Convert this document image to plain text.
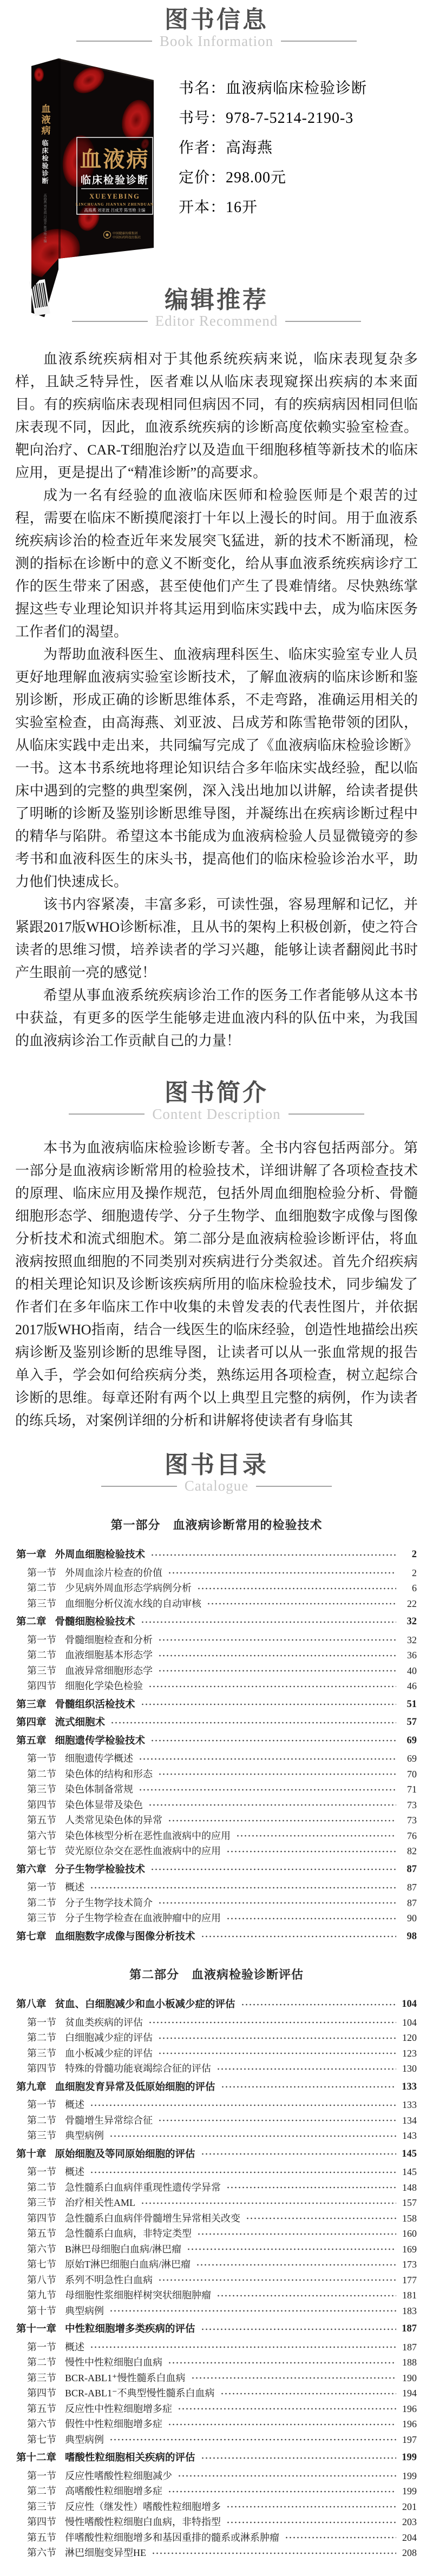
图书信息
Book Information
血液病
临床检验诊断
高海燕 刘亚波 吕成芳 陈雪艳 主编
血液病
临床检验诊断
XUEYEBING
LINCHUANG JIANYAN ZHENDUAN
高海燕 刘亚波 吕成芳 陈雪艳 主编
中国健康传媒集团
中国医药科技出版社
书名：血液病临床检验诊断
书号：978-7-5214-2190-3
作者：高海燕
定价：298.00元
开本：16开
编辑推荐
Editor Recommend

血液系统疾病相对于其他系统疾病来说，临床表现复杂多样，且缺乏特异性，医者难以从临床表现窥探出疾病的本来面目。有的疾病临床表现相同但病因不同，有的疾病病因相同但临床表现不同，因此，血液系统疾病的诊断高度依赖实验室检查。靶向治疗、CAR-T细胞治疗以及造血干细胞移植等新技术的临床应用，更是提出了“精准诊断”的高要求。

成为一名有经验的血液临床医师和检验医师是个艰苦的过程，需要在临床不断摸爬滚打十年以上漫长的时间。用于血液系统疾病诊治的检查近年来发展突飞猛进，新的技术不断涌现，检测的指标在诊断中的意义不断变化，给从事血液系统疾病诊疗工作的医生带来了困惑，甚至使他们产生了畏难情绪。尽快熟练掌握这些专业理论知识并将其运用到临床实践中去，成为临床医务工作者们的渴望。

为帮助血液科医生、血液病理科医生、临床实验室专业人员更好地理解血液病实验室诊断技术，了解血液病的临床诊断和鉴别诊断，形成正确的诊断思维体系，不走弯路，准确运用相关的实验室检查，由高海燕、刘亚波、吕成芳和陈雪艳带领的团队，从临床实践中走出来，共同编写完成了《血液病临床检验诊断》一书。这本书系统地将理论知识结合多年临床实战经验，配以临床中遇到的完整的典型案例，深入浅出地加以讲解，给读者提供了明晰的诊断及鉴别诊断思维导图，并凝练出在疾病诊断过程中的精华与陷阱。希望这本书能成为血液病检验人员显微镜旁的参考书和血液科医生的床头书，提高他们的临床检验诊治水平，助力他们快速成长。

该书内容紧凑，丰富多彩，可读性强，容易理解和记忆，并紧跟2017版WHO诊断标准，且从书的架构上积极创新，使之符合读者的思维习惯，培养读者的学习兴趣，能够让读者翻阅此书时产生眼前一亮的感觉！

希望从事血液系统疾病诊治工作的医务工作者能够从这本书中获益，有更多的医学生能够走进血液内科的队伍中来，为我国的血液病诊治工作贡献自己的力量！

图书简介
Content Description

本书为血液病临床检验诊断专著。全书内容包括两部分。第一部分是血液病诊断常用的检验技术，详细讲解了各项检查技术的原理、临床应用及操作规范，包括外周血细胞检验分析、骨髓细胞形态学、细胞遗传学、分子生物学、血细胞数字成像与图像分析技术和流式细胞术。第二部分是血液病检验诊断评估，将血液病按照血细胞的不同类别对疾病进行分类叙述。首先介绍疾病的相关理论知识及诊断该疾病所用的临床检验技术，同步编发了作者们在多年临床工作中收集的未曾发表的代表性图片，并依据2017版WHO指南，结合一线医生的临床经验，创造性地描绘出疾病诊断及鉴别诊断的思维导图，让读者可以从一张血常规的报告单入手，学会如何给疾病分类，熟练运用各项检查，树立起综合诊断的思维。每章还附有两个以上典型且完整的病例，作为读者的练兵场，对案例详细的分析和讲解将使读者有身临其

图书目录
Catalogue
第一部分　血液病诊断常用的检验技术
第一章 外周血细胞检验技术	2
第一节 外周血涂片检查的价值	2
第二节 少见病外周血形态学病例分析	6
第三节 血细胞分析仪流水线的自动审核	22
第二章 骨髓细胞检验技术	32
第一节 骨髓细胞检查和分析	32
第二节 血液细胞基本形态学	36
第三节 血液异常细胞形态学	40
第四节 细胞化学染色检验	46
第三章 骨髓组织活检技术	51
第四章 流式细胞术	57
第五章 细胞遗传学检验技术	69
第一节 细胞遗传学概述	69
第二节 染色体的结构和形态	70
第三节 染色体制备常规	71
第四节 染色体显带及染色	73
第五节 人类常见染色体的异常	73
第六节 染色体核型分析在恶性血液病中的应用	76
第七节 荧光原位杂交在恶性血液病中的应用	82
第六章 分子生物学检验技术	87
第一节 概述	87
第二节 分子生物学技术简介	87
第三节 分子生物学检查在血液肿瘤中的应用	90
第七章 血细胞数字成像与图像分析技术	98
第二部分　血液病检验诊断评估
第八章 贫血、白细胞减少和血小板减少症的评估	104
第一节 贫血类疾病的评估	104
第二节 白细胞减少症的评估	120
第三节 血小板减少症的评估	123
第四节 特殊的骨髓功能衰竭综合征的评估	130
第九章 血细胞发育异常及低原始细胞的评估	133
第一节 概述	133
第二节 骨髓增生异常综合征	134
第三节 典型病例	143
第十章 原始细胞及等同原始细胞的评估	145
第一节 概述	145
第二节 急性髓系白血病伴重现性遗传学异常	148
第三节 治疗相关性AML	157
第四节 急性髓系白血病伴骨髓增生异常相关改变	158
第五节 急性髓系白血病，非特定类型	160
第六节 B淋巴母细胞白血病/淋巴瘤	169
第七节 原始T淋巴细胞白血病/淋巴瘤	173
第八节 系列不明急性白血病	177
第九节 母细胞性浆细胞样树突状细胞肿瘤	181
第十节 典型病例	183
第十一章 中性粒细胞增多类疾病的评估	187
第一节 概述	187
第二节 慢性中性粒细胞白血病	188
第三节 BCR-ABL1⁺慢性髓系白血病	190
第四节 BCR-ABL1⁻不典型慢性髓系白血病	194
第五节 反应性中性粒细胞增多症	196
第六节 假性中性粒细胞增多症	196
第七节 典型病例	197
第十二章 嗜酸性粒细胞相关疾病的评估	199
第一节 反应性嗜酸性粒细胞减少	199
第二节 高嗜酸性粒细胞增多症	199
第三节 反应性（继发性）嗜酸性粒细胞增多	201
第四节 慢性嗜酸性粒细胞白血病，非特指型	203
第五节 伴嗜酸性粒细胞增多和基因重排的髓系或淋系肿瘤	204
第六节 淋巴细胞变异型HE	208
